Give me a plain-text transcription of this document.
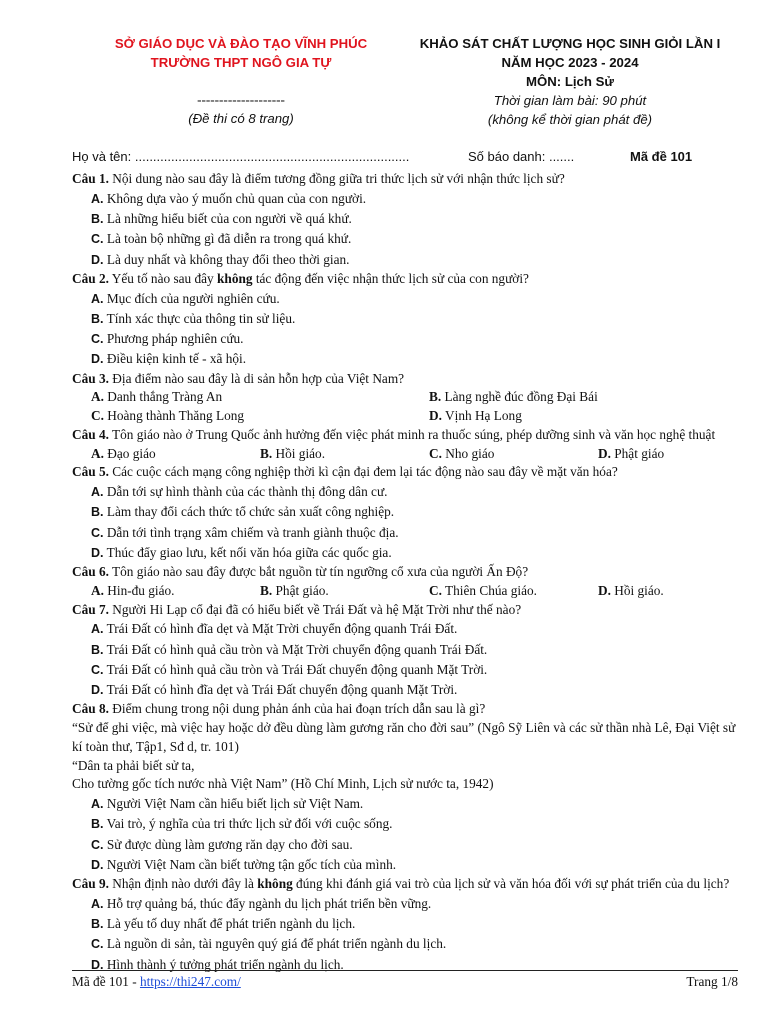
SỞ GIÁO DỤC VÀ ĐÀO TẠO VĨNH PHÚC
TRƯỜNG THPT NGÔ GIA TỰ
--------------------
(Đề thi có 8 trang)
KHẢO SÁT CHẤT LƯỢNG HỌC SINH GIỎI LẦN I
NĂM HỌC 2023 - 2024
MÔN: Lịch Sử
Thời gian làm bài: 90 phút
(không kể thời gian phát đề)
Họ và tên: ............................................................................	Số báo danh: .......	Mã đề 101
Câu 1. Nội dung nào sau đây là điểm tương đồng giữa tri thức lịch sử với nhận thức lịch sử?
A. Không dựa vào ý muốn chủ quan của con người.
B. Là những hiểu biết của con người về quá khứ.
C. Là toàn bộ những gì đã diễn ra trong quá khứ.
D. Là duy nhất và không thay đổi theo thời gian.
Câu 2. Yếu tố nào sau đây không tác động đến việc nhận thức lịch sử của con người?
A. Mục đích của người nghiên cứu.
B. Tính xác thực của thông tin sử liệu.
C. Phương pháp nghiên cứu.
D. Điều kiện kinh tế - xã hội.
Câu 3. Địa điểm nào sau đây là di sản hỗn hợp của Việt Nam?
A. Danh thắng Tràng An	B. Làng nghề đúc đồng Đại Bái
C. Hoàng thành Thăng Long	D. Vịnh Hạ Long
Câu 4. Tôn giáo nào ở Trung Quốc ảnh hưởng đến việc phát minh ra thuốc súng, phép dưỡng sinh và văn học nghệ thuật
A. Đạo giáo	B. Hồi giáo.	C. Nho giáo	D. Phật giáo
Câu 5. Các cuộc cách mạng công nghiệp thời kì cận đại đem lại tác động nào sau đây về mặt văn hóa?
A. Dẫn tới sự hình thành của các thành thị đông dân cư.
B. Làm thay đổi cách thức tổ chức sản xuất công nghiệp.
C. Dẫn tới tình trạng xâm chiếm và tranh giành thuộc địa.
D. Thúc đẩy giao lưu, kết nối văn hóa giữa các quốc gia.
Câu 6. Tôn giáo nào sau đây được bắt nguồn từ tín ngưỡng cổ xưa của người Ấn Độ?
A. Hin-đu giáo.	B. Phật giáo.	C. Thiên Chúa giáo.	D. Hồi giáo.
Câu 7. Người Hi Lạp cổ đại đã có hiểu biết về Trái Đất và hệ Mặt Trời như thế nào?
A. Trái Đất có hình đĩa dẹt và Mặt Trời chuyển động quanh Trái Đất.
B. Trái Đất có hình quả cầu tròn và Mặt Trời chuyển động quanh Trái Đất.
C. Trái Đất có hình quả cầu tròn và Trái Đất chuyển động quanh Mặt Trời.
D. Trái Đất có hình đĩa dẹt và Trái Đất chuyển động quanh Mặt Trời.
Câu 8. Điểm chung trong nội dung phản ánh của hai đoạn trích dẫn sau là gì?
“Sử để ghi việc, mà việc hay hoặc dở đều dùng làm gương răn cho đời sau” (Ngô Sỹ Liên và các sử thần nhà Lê, Đại Việt sử kí toàn thư, Tập1, Sđ d, tr. 101)
“Dân ta phải biết sử ta,
Cho tường gốc tích nước nhà Việt Nam” (Hồ Chí Minh, Lịch sử nước ta, 1942)
A. Người Việt Nam cần hiểu biết lịch sử Việt Nam.
B. Vai trò, ý nghĩa của tri thức lịch sử đối với cuộc sống.
C. Sử được dùng làm gương răn dạy cho đời sau.
D. Người Việt Nam cần biết tường tận gốc tích của mình.
Câu 9. Nhận định nào dưới đây là không đúng khi đánh giá vai trò của lịch sử và văn hóa đối với sự phát triển của du lịch?
A. Hỗ trợ quảng bá, thúc đẩy ngành du lịch phát triển bền vững.
B. Là yếu tố duy nhất để phát triển ngành du lịch.
C. Là nguồn di sản, tài nguyên quý giá để phát triển ngành du lịch.
D. Hình thành ý tưởng phát triển ngành du lịch.
Mã đề 101 - https://thi247.com/	Trang 1/8
